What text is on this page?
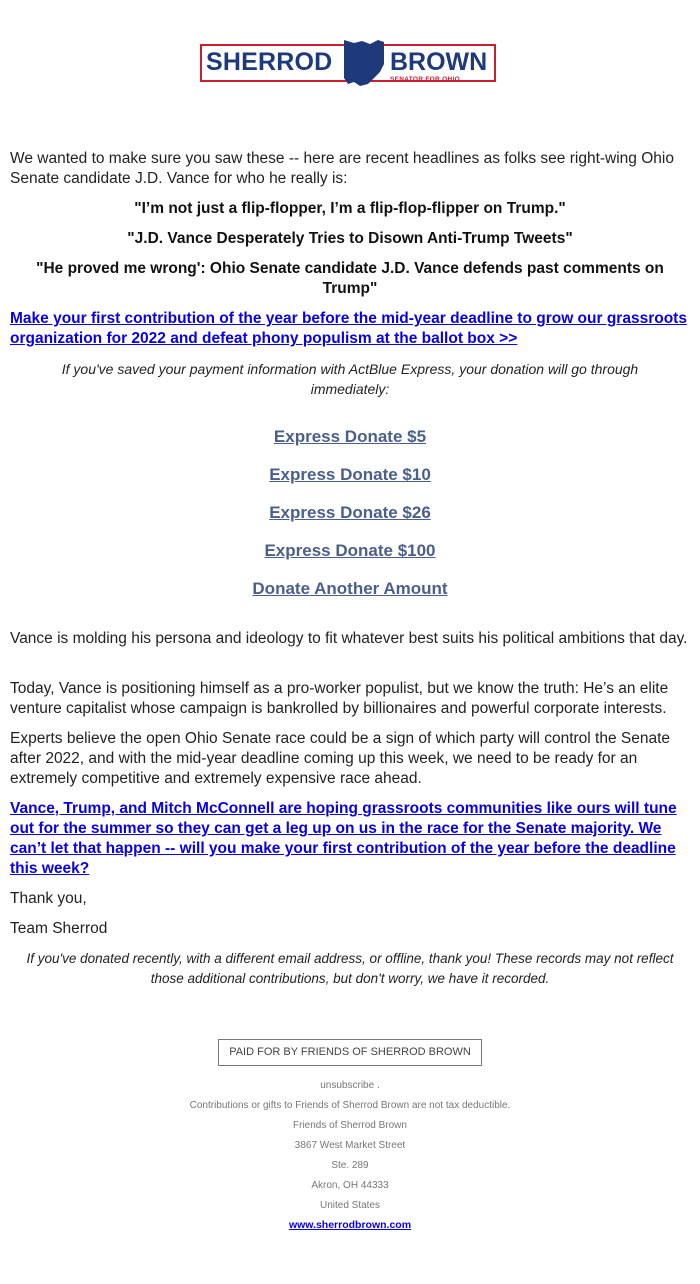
SHERROD BROWN
SENATOR FOR OHIO

We wanted to make sure you saw these -- here are recent headlines as folks see right-wing Ohio Senate candidate J.D. Vance for who he really is:

"I’m not just a flip-flopper, I’m a flip-flop-flipper on Trump."

"J.D. Vance Desperately Tries to Disown Anti-Trump Tweets"

"He proved me wrong': Ohio Senate candidate J.D. Vance defends past comments on Trump"

Make your first contribution of the year before the mid-year deadline to grow our grassroots organization for 2022 and defeat phony populism at the ballot box >>

If you've saved your payment information with ActBlue Express, your donation will go through immediately:

Express Donate $5
Express Donate $10
Express Donate $26
Express Donate $100
Donate Another Amount

Vance is molding his persona and ideology to fit whatever best suits his political ambitions that day.

Today, Vance is positioning himself as a pro-worker populist, but we know the truth: He’s an elite venture capitalist whose campaign is bankrolled by billionaires and powerful corporate interests.

Experts believe the open Ohio Senate race could be a sign of which party will control the Senate after 2022, and with the mid-year deadline coming up this week, we need to be ready for an extremely competitive and extremely expensive race ahead.

Vance, Trump, and Mitch McConnell are hoping grassroots communities like ours will tune out for the summer so they can get a leg up on us in the race for the Senate majority. We can’t let that happen -- will you make your first contribution of the year before the deadline this week?

Thank you,

Team Sherrod

If you've donated recently, with a different email address, or offline, thank you! These records may not reflect those additional contributions, but don't worry, we have it recorded.

PAID FOR BY FRIENDS OF SHERROD BROWN
unsubscribe .
Contributions or gifts to Friends of Sherrod Brown are not tax deductible.
Friends of Sherrod Brown
3867 West Market Street
Ste. 289
Akron, OH 44333
United States
www.sherrodbrown.com
